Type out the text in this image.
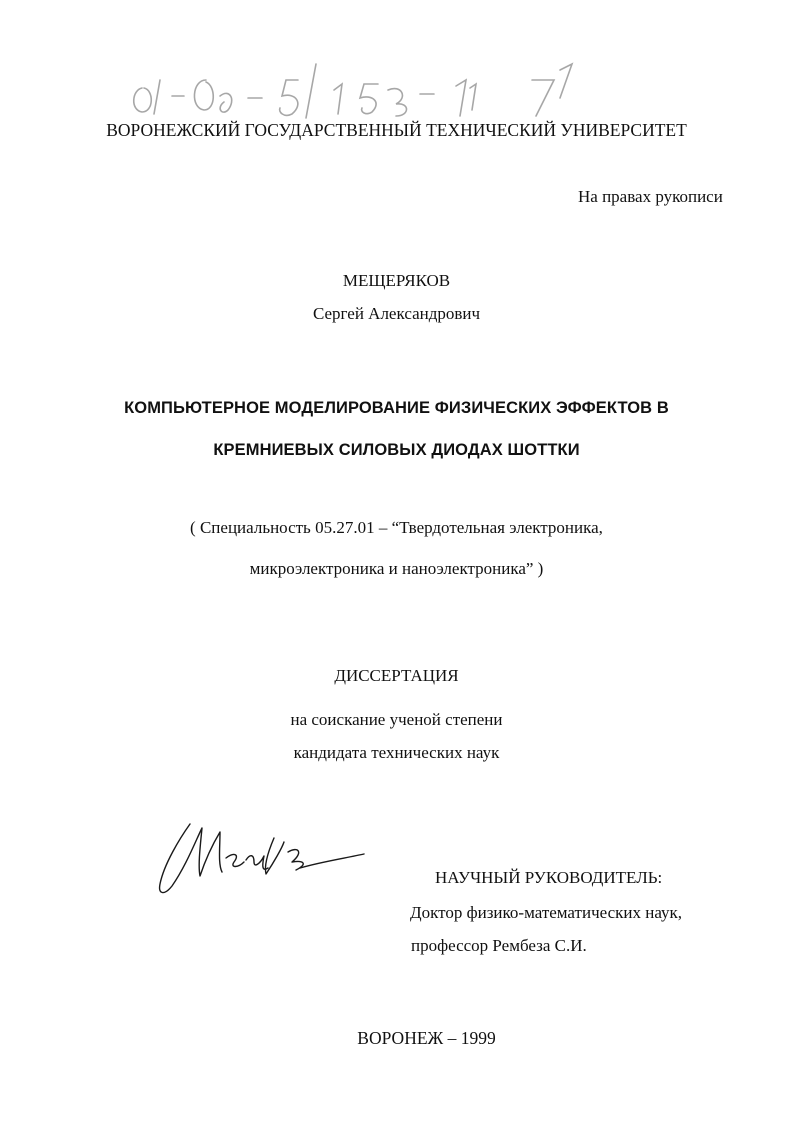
ВОРОНЕЖСКИЙ ГОСУДАРСТВЕННЫЙ ТЕХНИЧЕСКИЙ УНИВЕРСИТЕТ
На правах рукописи
МЕЩЕРЯКОВ
Сергей Александрович
КОМПЬЮТЕРНОЕ МОДЕЛИРОВАНИЕ ФИЗИЧЕСКИХ ЭФФЕКТОВ В
КРЕМНИЕВЫХ СИЛОВЫХ ДИОДАХ ШОТТКИ
( Специальность 05.27.01 – “Твердотельная электроника,
микроэлектроника и наноэлектроника” )
ДИССЕРТАЦИЯ
на соискание ученой степени
кандидата технических наук
НАУЧНЫЙ РУКОВОДИТЕЛЬ:
Доктор физико-математических наук,
профессор Рембеза С.И.
ВОРОНЕЖ – 1999
